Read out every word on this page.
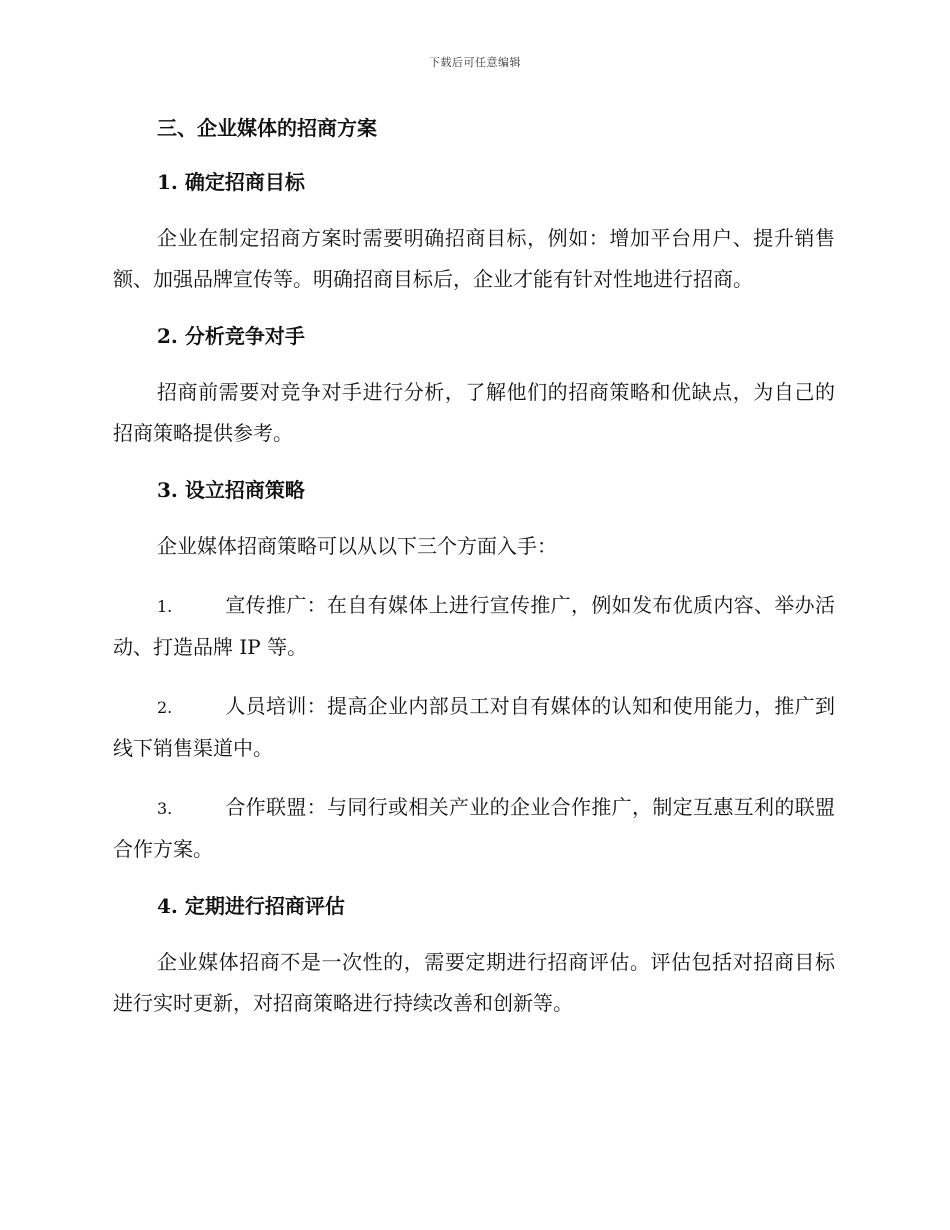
下载后可任意编辑
三、企业媒体的招商方案
1. 确定招商目标

企业在制定招商方案时需要明确招商目标，例如：增加平台用户、提升销售额、加强品牌宣传等。明确招商目标后，企业才能有针对性地进行招商。

2. 分析竞争对手

招商前需要对竞争对手进行分析，了解他们的招商策略和优缺点，为自己的招商策略提供参考。

3. 设立招商策略

企业媒体招商策略可以从以下三个方面入手：

1.	宣传推广：在自有媒体上进行宣传推广，例如发布优质内容、举办活动、打造品牌 IP 等。

2.	人员培训：提高企业内部员工对自有媒体的认知和使用能力，推广到线下销售渠道中。

3.	合作联盟：与同行或相关产业的企业合作推广，制定互惠互利的联盟合作方案。

4. 定期进行招商评估

企业媒体招商不是一次性的，需要定期进行招商评估。评估包括对招商目标进行实时更新，对招商策略进行持续改善和创新等。
